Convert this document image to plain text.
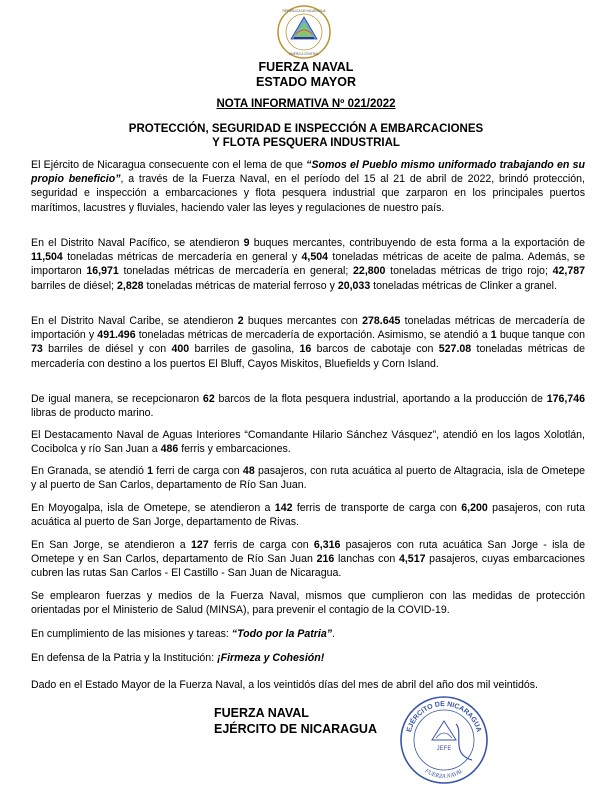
REPÚBLICA DE NICARAGUA
AMÉRICA CENTRAL
FUERZA NAVAL
ESTADO MAYOR
NOTA INFORMATIVA Nº 021/2022
PROTECCIÓN, SEGURIDAD E INSPECCIÓN A EMBARCACIONES
Y FLOTA PESQUERA INDUSTRIAL

El Ejército de Nicaragua consecuente con el lema de que “Somos el Pueblo mismo uniformado trabajando en su propio beneficio”, a través de la Fuerza Naval, en el período del 15 al 21 de abril de 2022, brindó protección, seguridad e inspección a embarcaciones y flota pesquera industrial que zarparon en los principales puertos marítimos, lacustres y fluviales, haciendo valer las leyes y regulaciones de nuestro país.

En el Distrito Naval Pacífico, se atendieron 9 buques mercantes, contribuyendo de esta forma a la exportación de 11,504 toneladas métricas de mercadería en general y 4,504 toneladas métricas de aceite de palma. Además, se importaron 16,971 toneladas métricas de mercadería en general; 22,800 toneladas métricas de trigo rojo; 42,787 barriles de diésel; 2,828 toneladas métricas de material ferroso y 20,033 toneladas métricas de Clinker a granel.

En el Distrito Naval Caribe, se atendieron 2 buques mercantes con 278.645 toneladas métricas de mercadería de importación y 491.496 toneladas métricas de mercadería de exportación. Asimismo, se atendió a 1 buque tanque con 73 barriles de diésel y con 400 barriles de gasolina, 16 barcos de cabotaje con 527.08 toneladas métricas de mercadería con destino a los puertos El Bluff, Cayos Miskitos, Bluefields y Corn Island.

De igual manera, se recepcionaron 62 barcos de la flota pesquera industrial, aportando a la producción de 176,746 libras de producto marino.

El Destacamento Naval de Aguas Interiores “Comandante Hilario Sánchez Vásquez”, atendió en los lagos Xolotlán, Cocibolca y río San Juan a 486 ferris y embarcaciones.

En Granada, se atendió 1 ferri de carga con 48 pasajeros, con ruta acuática al puerto de Altagracia, isla de Ometepe y al puerto de San Carlos, departamento de Río San Juan.

En Moyogalpa, isla de Ometepe, se atendieron a 142 ferris de transporte de carga con 6,200 pasajeros, con ruta acuática al puerto de San Jorge, departamento de Rivas.

En San Jorge, se atendieron a 127 ferris de carga con 6,316 pasajeros con ruta acuática San Jorge - isla de Ometepe y en San Carlos, departamento de Río San Juan 216 lanchas con 4,517 pasajeros, cuyas embarcaciones cubren las rutas San Carlos - El Castillo - San Juan de Nicaragua.

Se emplearon fuerzas y medios de la Fuerza Naval, mismos que cumplieron con las medidas de protección orientadas por el Ministerio de Salud (MINSA), para prevenir el contagio de la COVID-19.

En cumplimiento de las misiones y tareas: “Todo por la Patria”.

En defensa de la Patria y la Institución: ¡Firmeza y Cohesión!

Dado en el Estado Mayor de la Fuerza Naval, a los veintidós días del mes de abril del año dos mil veintidós.

FUERZA NAVAL
EJÉRCITO DE NICARAGUA	EJÉRCITO DE NICARAGUA
FUERZA NAVAL
JEFE
